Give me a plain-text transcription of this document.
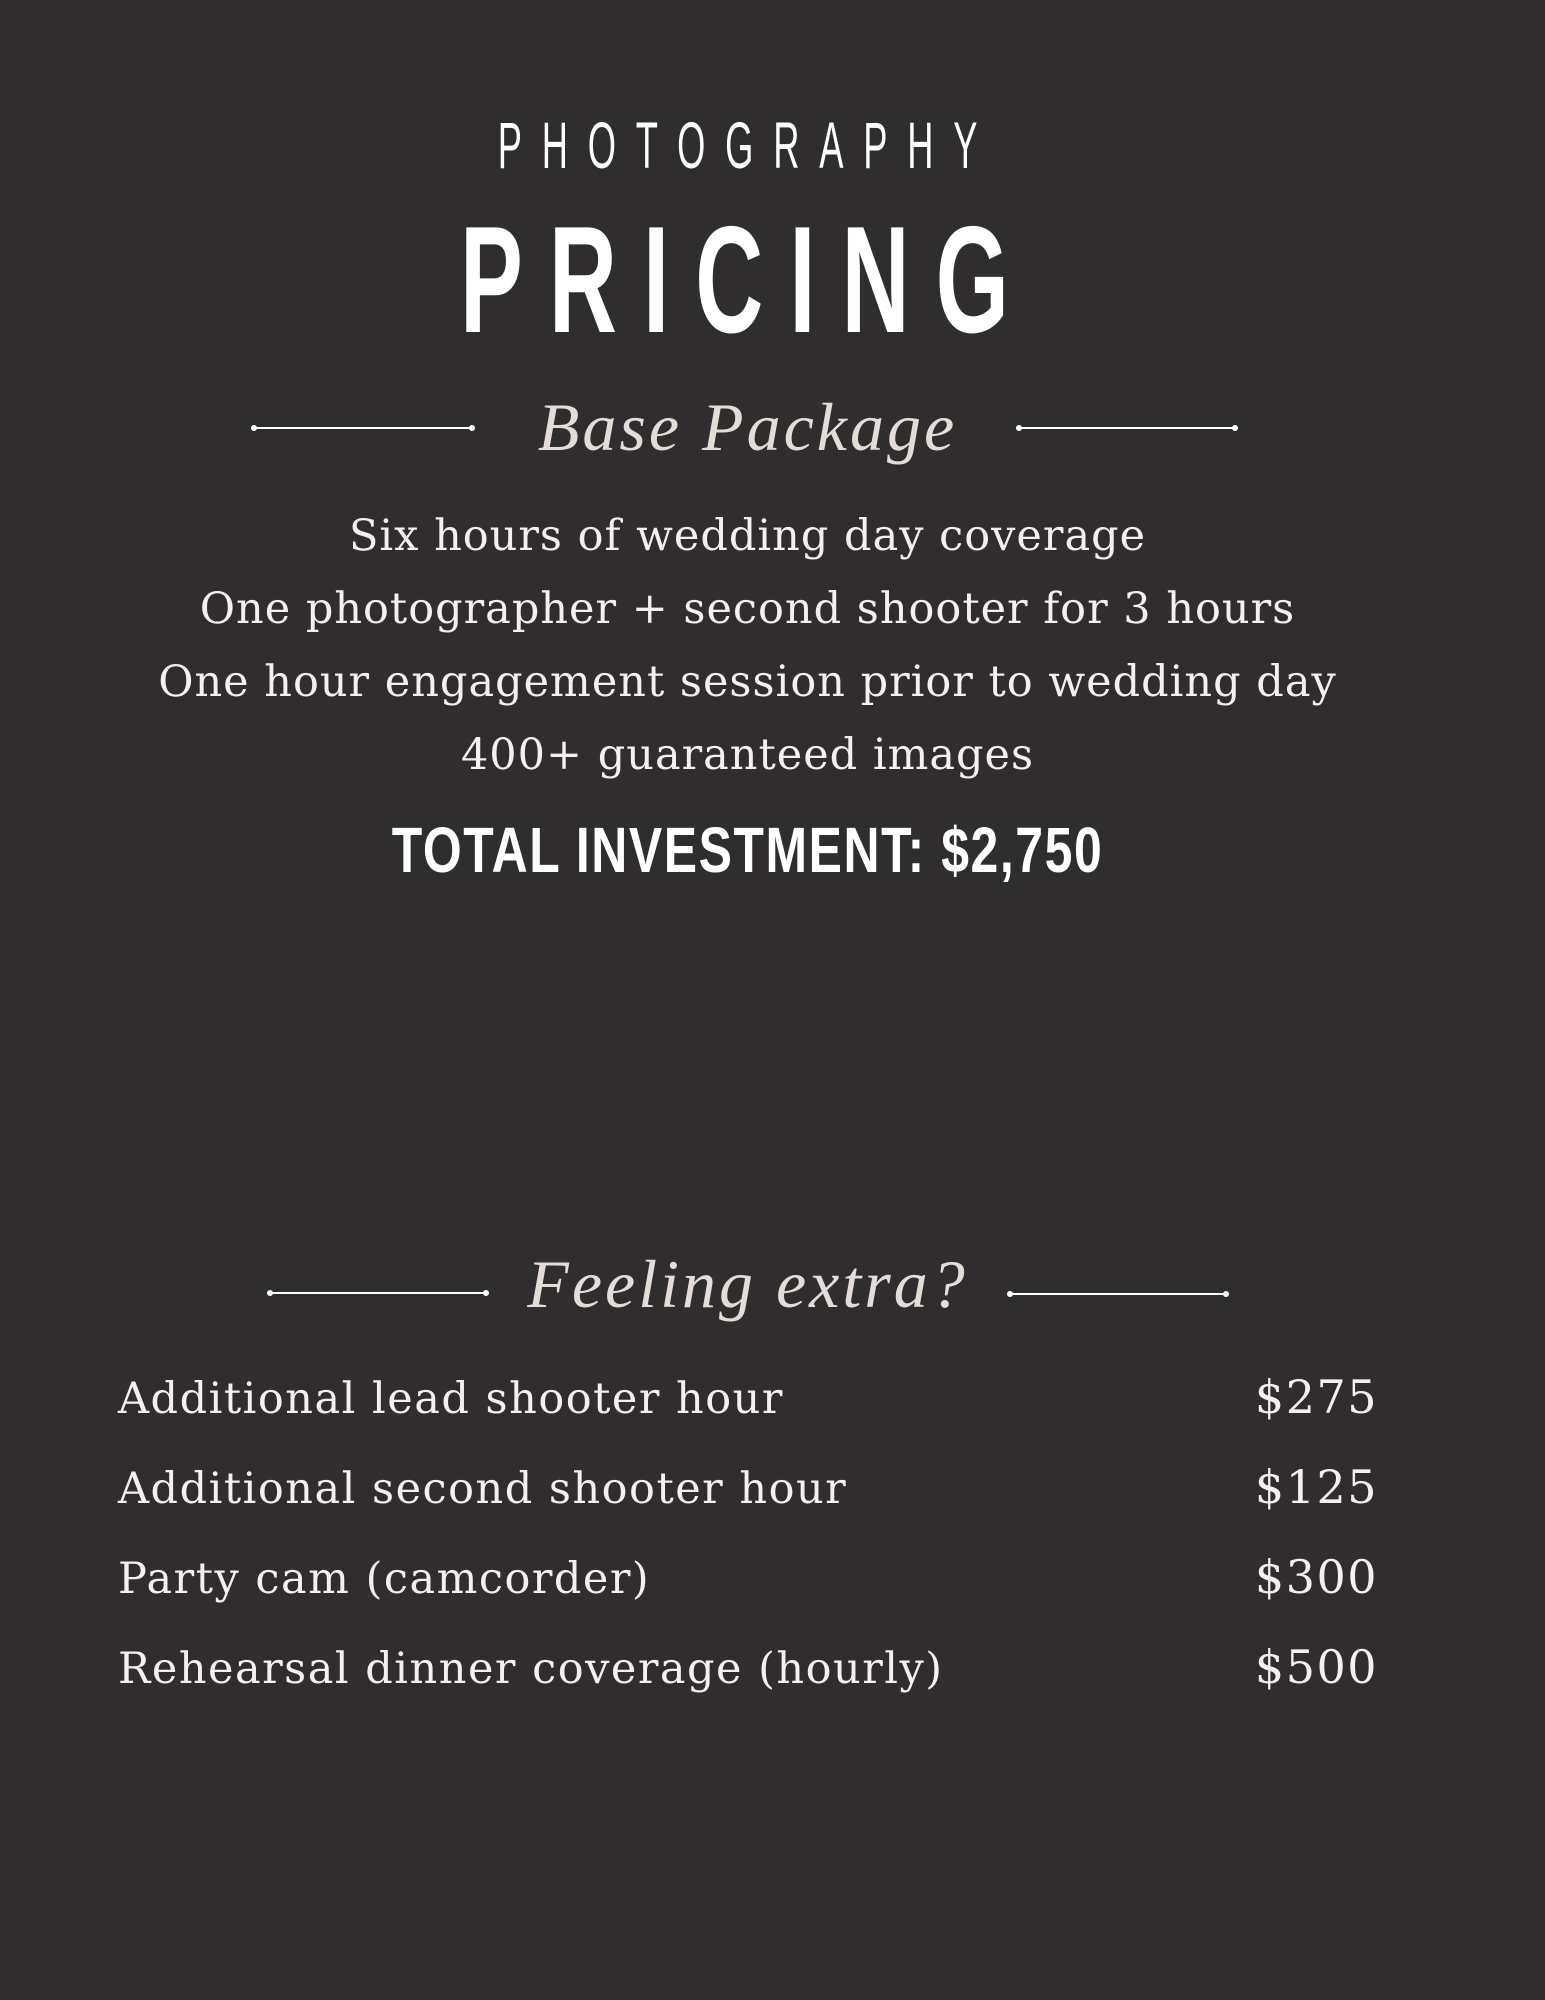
PHOTOGRAPHY
PRICING
Base Package
Six hours of wedding day coverage
One photographer + second shooter for 3 hours
One hour engagement session prior to wedding day
400+ guaranteed images
TOTAL INVESTMENT: $2,750
Feeling extra?
Additional lead shooter hour	$275
Additional second shooter hour	$125
Party cam (camcorder)	$300
Rehearsal dinner coverage (hourly)	$500
